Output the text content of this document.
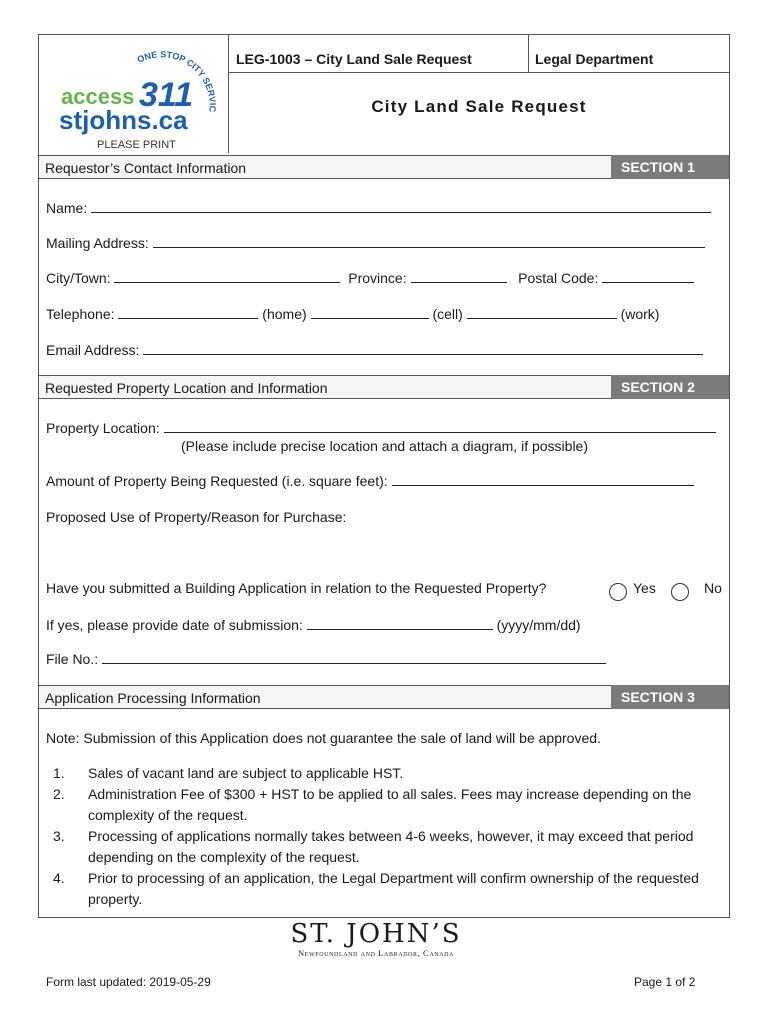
ONE STOP CITY SERVIC
access 311
stjohns.ca
PLEASE PRINT
LEG-1003 – City Land Sale Request	Legal Department
City Land Sale Request
Requestor’s Contact Information	SECTION 1
Name:
Mailing Address:
City/Town:	Province:	Postal Code:
Telephone:	(home)	(cell)	(work)
Email Address:
Requested Property Location and Information	SECTION 2
Property Location:
(Please include precise location and attach a diagram, if possible)
Amount of Property Being Requested (i.e. square feet):
Proposed Use of Property/Reason for Purchase:
Have you submitted a Building Application in relation to the Requested Property?	Yes	No
If yes, please provide date of submission:	(yyyy/mm/dd)
File No.:
Application Processing Information	SECTION 3
Note: Submission of this Application does not guarantee the sale of land will be approved.
1. Sales of vacant land are subject to applicable HST.
2. Administration Fee of $300 + HST to be applied to all sales. Fees may increase depending on the complexity of the request.
3. Processing of applications normally takes between 4-6 weeks, however, it may exceed that period depending on the complexity of the request.
4. Prior to processing of an application, the Legal Department will confirm ownership of the requested property.
ST. JOHN’S
Newfoundland and Labrador, Canada
Form last updated: 2019-05-29	Page 1 of 2
